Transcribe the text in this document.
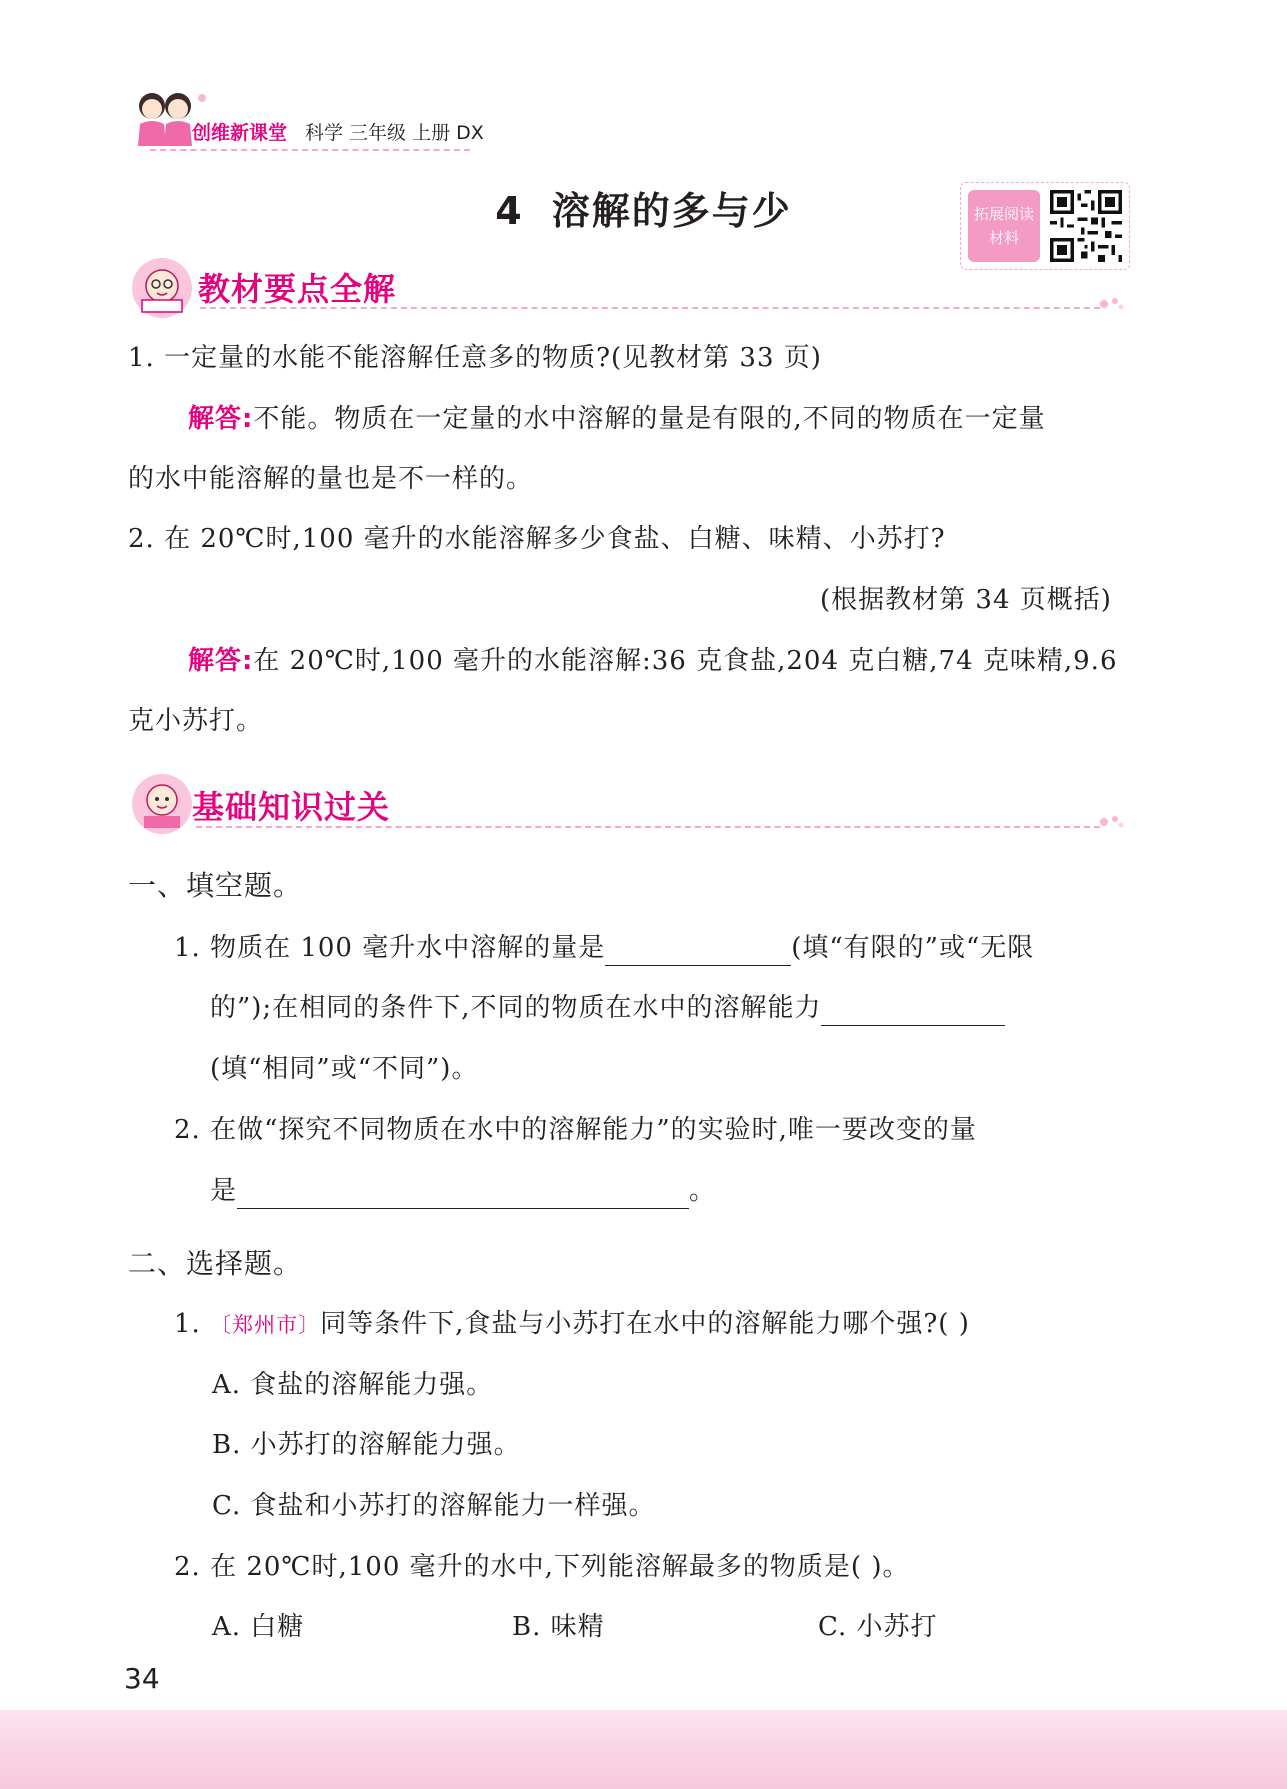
创维新课堂 科学 三年级 上册 DX
4 溶解的多与少	拓展阅读
材料
教材要点全解
1. 一定量的水能不能溶解任意多的物质?(见教材第 33 页)
解答:不能。物质在一定量的水中溶解的量是有限的,不同的物质在一定量
的水中能溶解的量也是不一样的。
2. 在 20℃时,100 毫升的水能溶解多少食盐、白糖、味精、小苏打?
(根据教材第 34 页概括)
解答:在 20℃时,100 毫升的水能溶解:36 克食盐,204 克白糖,74 克味精,9.6
克小苏打。
基础知识过关
一、填空题。
1. 物质在 100 毫升水中溶解的量是	(填“有限的”或“无限
的”);在相同的条件下,不同的物质在水中的溶解能力
(填“相同”或“不同”)。
2. 在做“探究不同物质在水中的溶解能力”的实验时,唯一要改变的量
是	。
二、选择题。
1. 〔郑州市〕同等条件下,食盐与小苏打在水中的溶解能力哪个强?( )
A. 食盐的溶解能力强。
B. 小苏打的溶解能力强。
C. 食盐和小苏打的溶解能力一样强。
2. 在 20℃时,100 毫升的水中,下列能溶解最多的物质是( )。
A. 白糖	B. 味精	C. 小苏打
34
